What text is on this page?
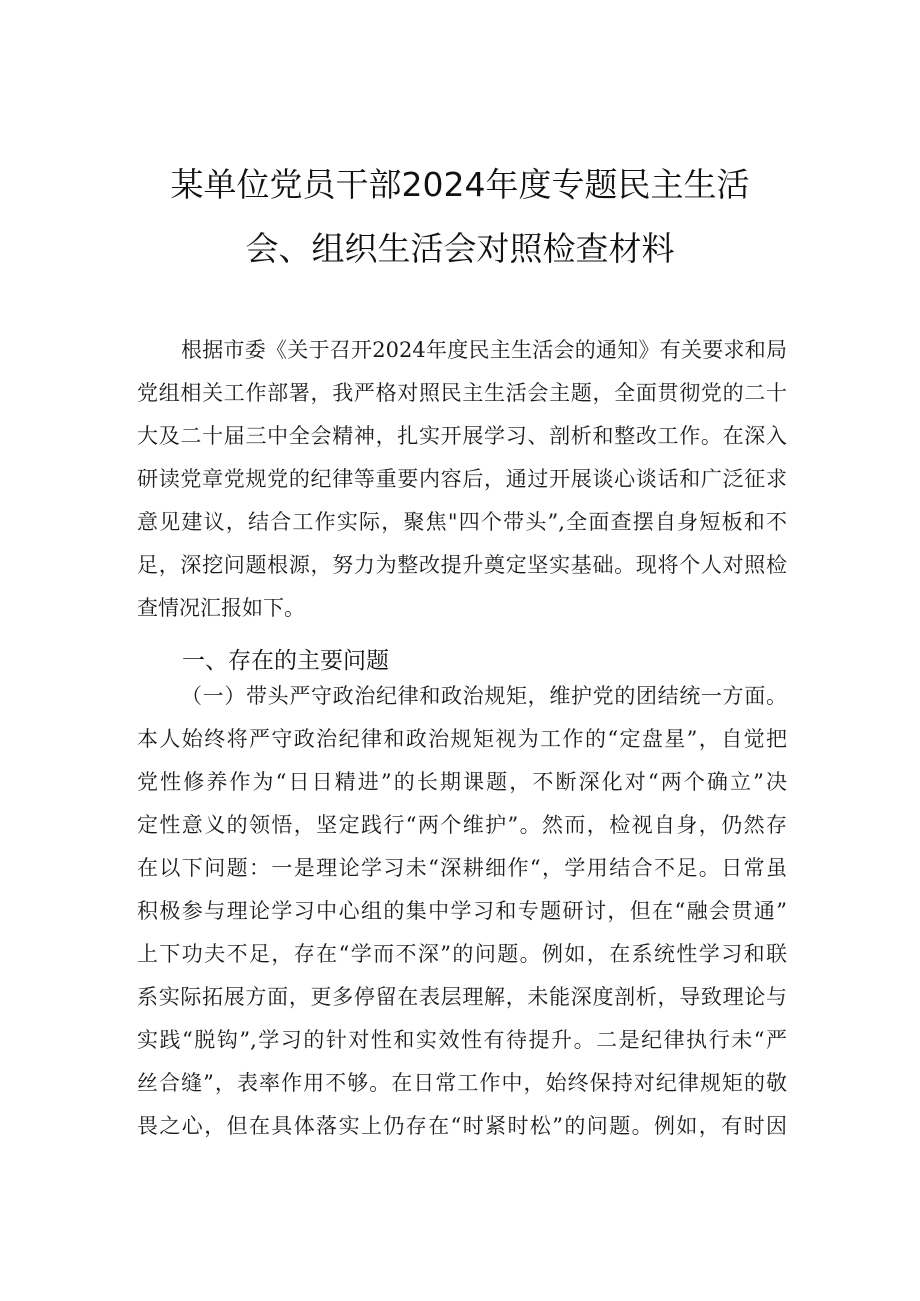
某单位党员干部2024年度专题民主生活
会、组织生活会对照检查材料
根据市委《关于召开2024年度民主生活会的通知》有关要求和局
党组相关工作部署，我严格对照民主生活会主题，全面贯彻党的二十
大及二十届三中全会精神，扎实开展学习、剖析和整改工作。在深入
研读党章党规党的纪律等重要内容后，通过开展谈心谈话和广泛征求
意见建议，结合工作实际，聚焦"四个带头”,全面查摆自身短板和不
足，深挖问题根源，努力为整改提升奠定坚实基础。现将个人对照检
查情况汇报如下。
一、存在的主要问题
（一）带头严守政治纪律和政治规矩，维护党的团结统一方面。
本人始终将严守政治纪律和政治规矩视为工作的“定盘星”，自觉把
党性修养作为“日日精进”的长期课题，不断深化对“两个确立”决
定性意义的领悟，坚定践行“两个维护”。然而，检视自身，仍然存
在以下问题：一是理论学习未“深耕细作“，学用结合不足。日常虽
积极参与理论学习中心组的集中学习和专题研讨，但在“融会贯通”
上下功夫不足，存在“学而不深”的问题。例如，在系统性学习和联
系实际拓展方面，更多停留在表层理解，未能深度剖析，导致理论与
实践“脱钩”,学习的针对性和实效性有待提升。二是纪律执行未“严
丝合缝”，表率作用不够。在日常工作中，始终保持对纪律规矩的敬
畏之心，但在具体落实上仍存在“时紧时松”的问题。例如，有时因
